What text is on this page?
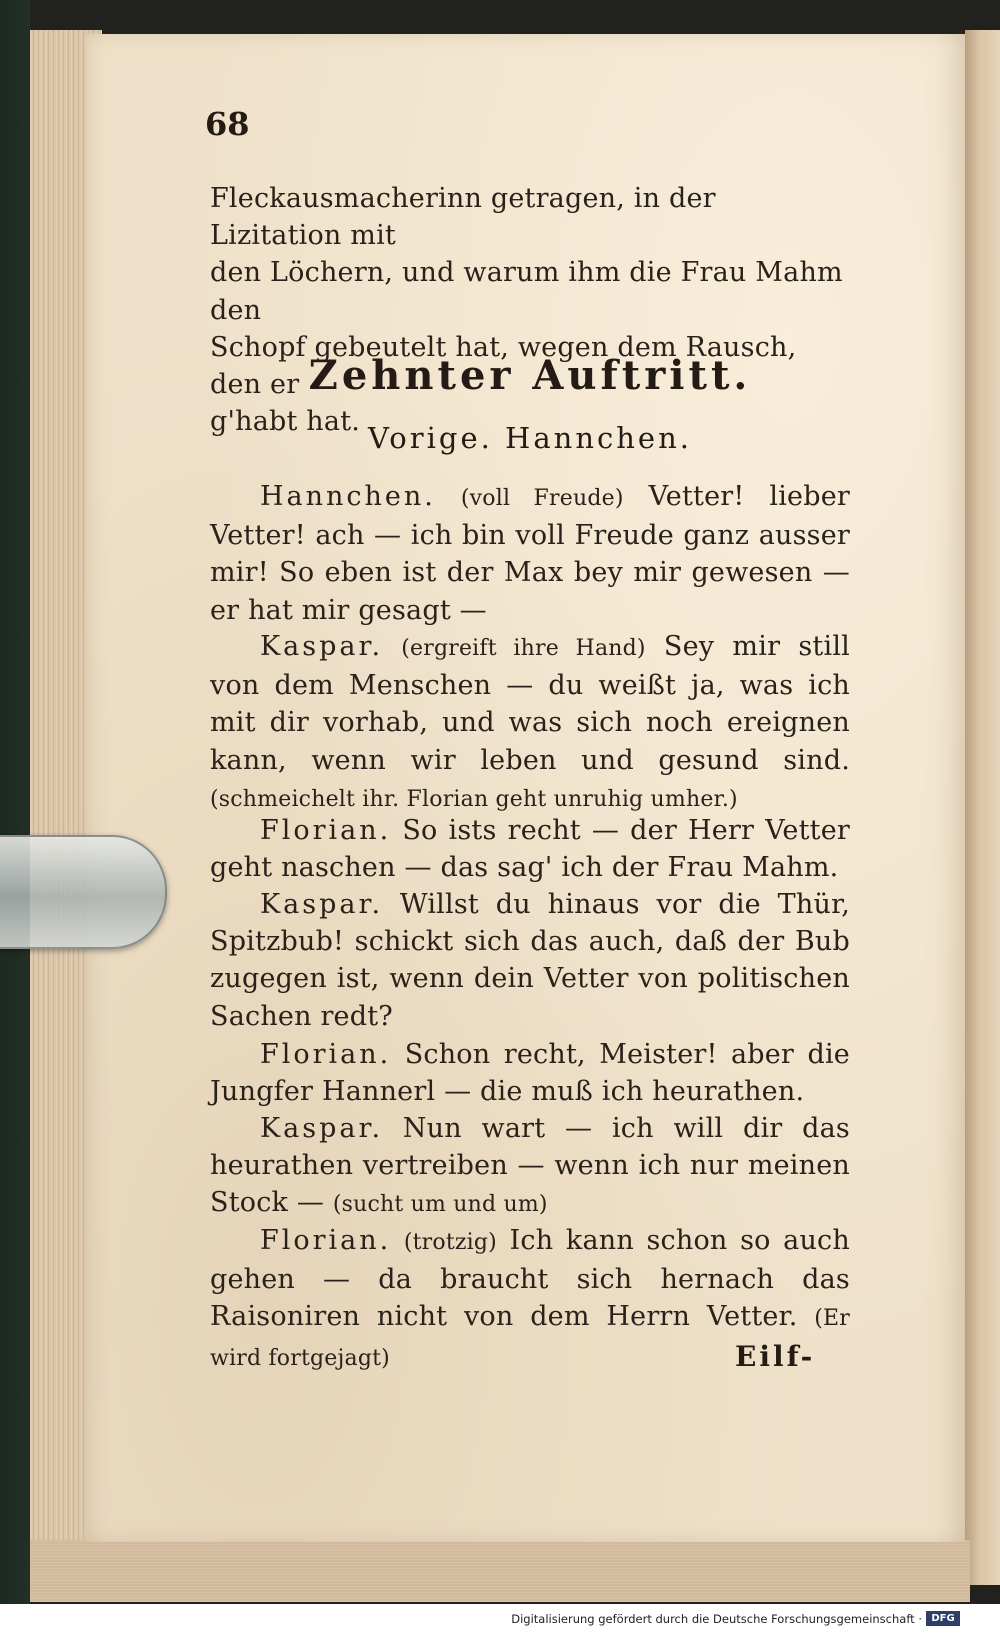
68
Fleckausmacherinn getragen, in der Lizitation mit
den Löchern, und warum ihm die Frau Mahm den
Schopf gebeutelt hat, wegen dem Rausch, den er
g'habt hat.
Zehnter Auftritt.
Vorige. Hannchen.

Hannchen. (voll Freude) Vetter! lieber Vetter! ach — ich bin voll Freude ganz ausser mir! So eben ist der Max bey mir gewesen — er hat mir gesagt —

Kaspar. (ergreift ihre Hand) Sey mir still von dem Menschen — du weißt ja, was ich mit dir vorhab, und was sich noch ereignen kann, wenn wir leben und gesund sind. (schmeichelt ihr. Florian geht unruhig umher.)

Florian. So ists recht — der Herr Vetter geht naschen — das sag' ich der Frau Mahm.

Kaspar. Willst du hinaus vor die Thür, Spitzbub! schickt sich das auch, daß der Bub zugegen ist, wenn dein Vetter von politischen Sachen redt?

Florian. Schon recht, Meister! aber die Jungfer Hannerl — die muß ich heurathen.

Kaspar. Nun wart — ich will dir das heurathen vertreiben — wenn ich nur meinen Stock — (sucht um und um)

Florian. (trotzig) Ich kann schon so auch gehen — da braucht sich hernach das Raisoniren nicht von dem Herrn Vetter. (Er wird fortgejagt)	Eilf-
Digitalisierung gefördert durch die Deutsche Forschungsgemeinschaft · DFG
